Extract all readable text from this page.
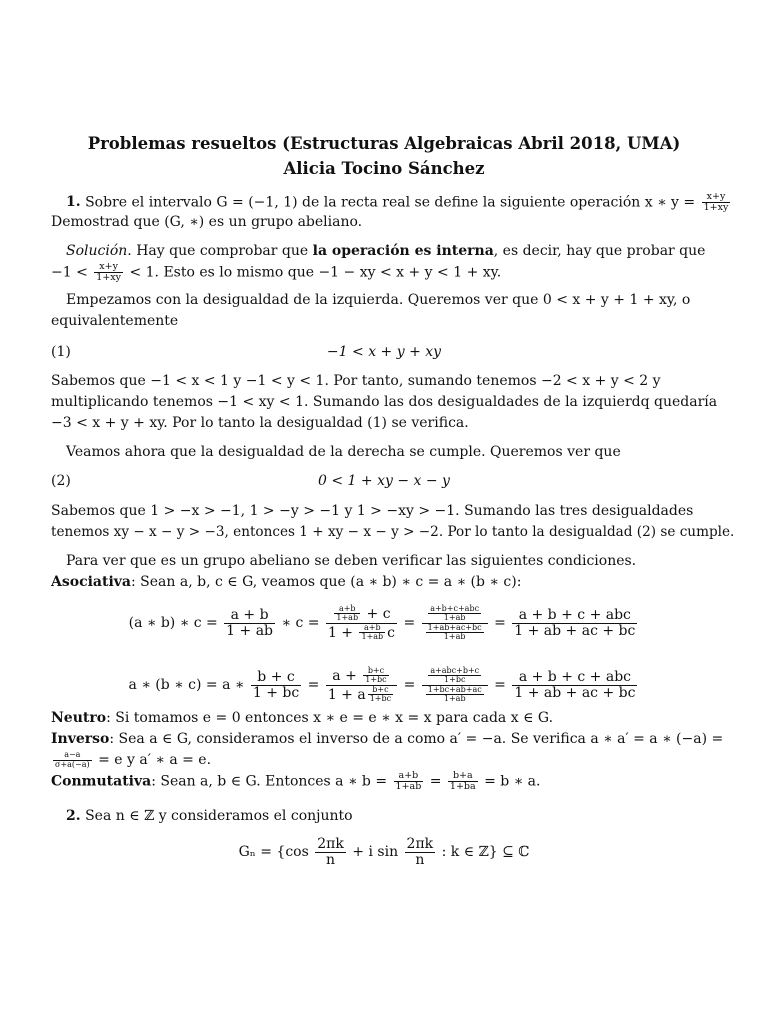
Problemas resueltos (Estructuras Algebraicas Abril 2018, UMA)
Alicia Tocino Sánchez
1. Sobre el intervalo G = (−1, 1) de la recta real se define la siguiente operación x ∗ $y = \frac{x+y}{1+xy}$
Demostrad que (G, ∗) es un grupo abeliano.
Solución. Hay que comprobar que la operación es interna, es decir, hay que probar que
$-1 < \frac{x+y}{1+xy} < 1$. Esto es lo mismo que −1 − xy < x + y < 1 + xy.
Empezamos con la desigualdad de la izquierda. Queremos ver que 0 < x + y + 1 + xy, o
equivalentemente
(1)	−1 < x + y + xy
Sabemos que −1 < x < 1 y −1 < y < 1. Por tanto, sumando tenemos −2 < x + y < 2 y
multiplicando tenemos −1 < xy < 1. Sumando las dos desigualdades de la izquierdq quedaría
−3 < x + y + xy. Por lo tanto la desigualdad (1) se verifica.
Veamos ahora que la desigualdad de la derecha se cumple. Queremos ver que
(2)	0 < 1 + xy − x − y
Sabemos que 1 > −x > −1, 1 > −y > −1 y 1 > −xy > −1. Sumando las tres desigualdades
tenemos xy − x − y > −3, entonces 1 + xy − x − y > −2. Por lo tanto la desigualdad (2) se cumple.
Para ver que es un grupo abeliano se deben verificar las siguientes condiciones.
Asociativa: Sean a, b, c ∈ G, veamos que (a ∗ b) ∗ c = a ∗ (b ∗ c):
(a ∗ b) ∗ $c = \frac{a + b}{1 + ab}$ ∗ $c = \frac{\frac{a+b}{1+ab} + c}{1 + \frac{a+b}{1+ab} c} = \frac{\frac{\text{a+b+c+abc}}{1+ab}}{\frac{1+ab+ac+bc}{1+ab}} = \frac{\text{a + b + c + abc}}{1 + ab + ac + bc}$
a ∗ (b ∗ c) = a ∗ $\frac{b + c}{1 + bc} = \frac{a + \frac{b+c}{1+bc}}{1 + a \frac{b+c}{1+bc}} = \frac{\frac{\text{a+abc+b+c}}{1+bc}}{\frac{1+bc+ab+ac}{1+ab}} = \frac{\text{a + b + c + abc}}{1 + ab + ac + bc}$
Neutro: Si tomamos e = 0 entonces x ∗ e = e ∗ x = x para cada x ∈ G.
Inverso: Sea a ∈ G, consideramos el inverso de a como a′ = −a. Se verifica a ∗ a′ = a ∗ (−a) =
$\frac{a-a}{\sigma+a(-a)} = e$ y a′ ∗ a = e.
Conmutativa: Sean a, b ∈ G. Entonces a ∗ $b = \frac{a+b}{1+ab} = \frac{b+a}{1+ba} = b$ ∗ a.
2. Sea n ∈ ℤ y consideramos el conjunto
$G_n = \{\cos \frac{2\pi k}{n} + i$ $\sin \frac{2\pi k}{n}$ : k ∈ ℤ} ⊆ ℂ
